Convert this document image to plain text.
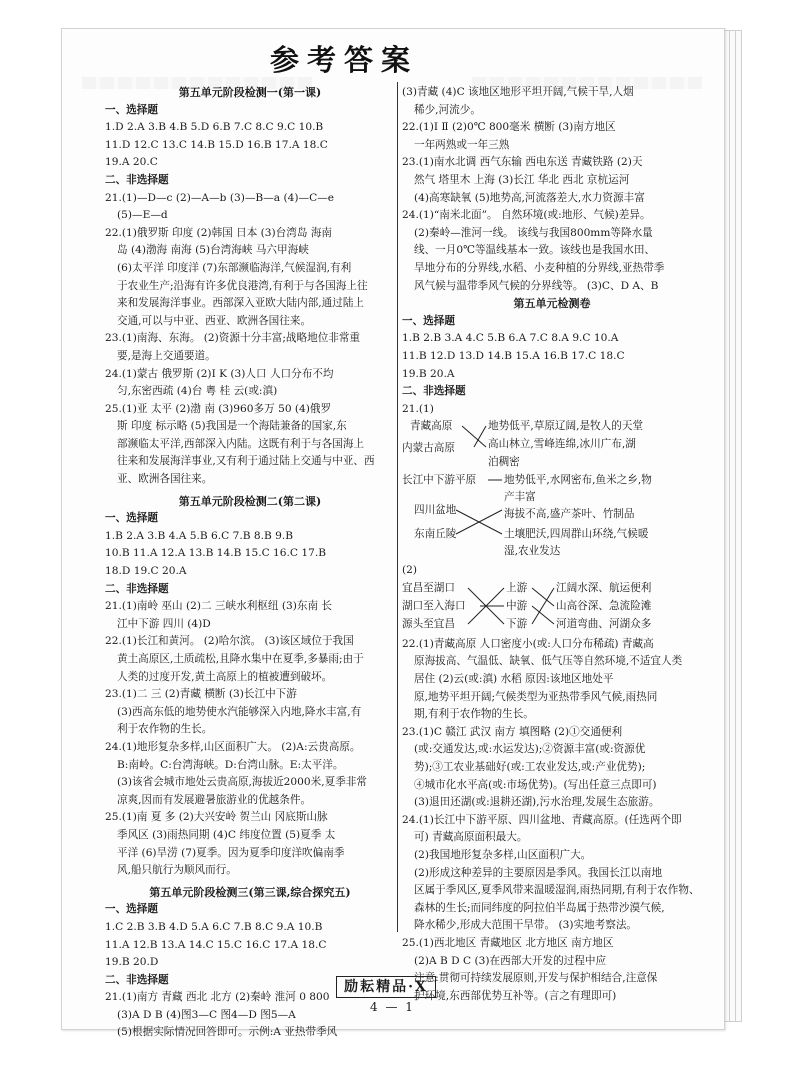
参考答案
第五单元阶段检测一(第一课)
一、选择题
1.D 2.A 3.B 4.B 5.D 6.B 7.C 8.C 9.C 10.B
11.D 12.C 13.C 14.B 15.D 16.B 17.A 18.C
19.A 20.C
二、非选择题
21.(1)—D—c (2)—A—b (3)—B—a (4)—C—e
(5)—E—d
22.(1)俄罗斯 印度 (2)韩国 日本 (3)台湾岛 海南
岛 (4)渤海 南海 (5)台湾海峡 马六甲海峡
(6)太平洋 印度洋 (7)东部濒临海洋,气候湿润,有利
于农业生产;沿海有许多优良港湾,有利于与各国海上往
来和发展海洋事业。西部深入亚欧大陆内部,通过陆上
交通,可以与中亚、西亚、欧洲各国往来。
23.(1)南海、东海。 (2)资源十分丰富;战略地位非常重
要,是海上交通要道。
24.(1)蒙古 俄罗斯 (2)I K (3)人口 人口分布不均
匀,东密西疏 (4)台 粤 桂 云(或:滇)
25.(1)亚 太平 (2)渤 南 (3)960多万 50 (4)俄罗
斯 印度 标示略 (5)我国是一个海陆兼备的国家,东
部濒临太平洋,西部深入内陆。这既有利于与各国海上
往来和发展海洋事业,又有利于通过陆上交通与中亚、西
亚、欧洲各国往来。
第五单元阶段检测二(第二课)
一、选择题
1.B 2.A 3.B 4.A 5.B 6.C 7.B 8.B 9.B
10.B 11.A 12.A 13.B 14.B 15.C 16.C 17.B
18.D 19.C 20.A
二、非选择题
21.(1)南岭 巫山 (2)二 三峡水利枢纽 (3)东南 长
江中下游 四川 (4)D
22.(1)长江和黄河。 (2)哈尔滨。 (3)该区域位于我国
黄土高原区,土质疏松,且降水集中在夏季,多暴雨;由于
人类的过度开发,黄土高原上的植被遭到破坏。
23.(1)二 三 (2)青藏 横断 (3)长江中下游
(3)西高东低的地势使水汽能够深入内地,降水丰富,有
利于农作物的生长。
24.(1)地形复杂多样,山区面积广大。 (2)A:云贵高原。
B:南岭。C:台湾海峡。D:台湾山脉。E:太平洋。
(3)该省会城市地处云贵高原,海拔近2000米,夏季非常
凉爽,因而有发展避暑旅游业的优越条件。
25.(1)南 夏 多 (2)大兴安岭 贺兰山 冈底斯山脉
季风区 (3)雨热同期 (4)C 纬度位置 (5)夏季 太
平洋 (6)旱涝 (7)夏季。因为夏季印度洋吹偏南季
风,船只航行为顺风而行。
第五单元阶段检测三(第三课,综合探究五)
一、选择题
1.C 2.B 3.B 4.D 5.A 6.C 7.B 8.C 9.A 10.B
11.A 12.B 13.A 14.C 15.C 16.C 17.A 18.C
19.B 20.D
二、非选择题
21.(1)南方 青藏 西北 北方 (2)秦岭 淮河 0 800
(3)A D B (4)图3—C 图4—D 图5—A
(5)根据实际情况回答即可。示例:A 亚热带季风
(3)青藏 (4)C 该地区地形平坦开阔,气候干旱,人烟
稀少,河流少。
22.(1)Ⅰ Ⅱ (2)0℃ 800毫米 横断 (3)南方地区
一年两熟或一年三熟
23.(1)南水北调 西气东输 西电东送 青藏铁路 (2)天
然气 塔里木 上海 (3)长江 华北 西北 京杭运河
(4)高寒缺氧 (5)地势高,河流落差大,水力资源丰富
24.(1)“南米北面”。 自然环境(或:地形、气候)差异。
(2)秦岭—淮河一线。 该线与我国800mm等降水量
线、一月0℃等温线基本一致。该线也是我国水田、
旱地分布的分界线,水稻、小麦种植的分界线,亚热带季
风气候与温带季风气候的分界线等。 (3)C、D A、B
第五单元检测卷
一、选择题
1.B 2.B 3.A 4.C 5.B 6.A 7.C 8.A 9.C 10.A
11.B 12.D 13.D 14.B 15.A 16.B 17.C 18.C
19.B 20.A
二、非选择题
21.(1)
青藏高原
内蒙古高原
地势低平,草原辽阔,是牧人的天堂
高山林立,雪峰连绵,冰川广布,湖
泊稠密
长江中下游平原
四川盆地
东南丘陵
地势低平,水网密布,鱼米之乡,物
产丰富
海拔不高,盛产茶叶、竹制品
土壤肥沃,四周群山环绕,气候暖
湿,农业发达
(2)
宜昌至湖口
湖口至入海口
源头至宜昌
上游
中游
下游
江阔水深、航运便利
山高谷深、急流险滩
河道弯曲、河湖众多
22.(1)青藏高原 人口密度小(或:人口分布稀疏) 青藏高
原海拔高、气温低、缺氧、低气压等自然环境,不适宜人类
居住 (2)云(或:滇) 水稻 原因:该地区地处平
原,地势平坦开阔;气候类型为亚热带季风气候,雨热同
期,有利于农作物的生长。
23.(1)C 赣江 武汉 南方 填图略 (2)①交通便利
(或:交通发达,或:水运发达);②资源丰富(或:资源优
势);③工农业基础好(或:工农业发达,或:产业优势);
④城市化水平高(或:市场优势)。(写出任意三点即可)
(3)退田还湖(或:退耕还湖),污水治理,发展生态旅游。
24.(1)长江中下游平原、四川盆地、青藏高原。(任选两个即
可) 青藏高原面积最大。
(2)我国地形复杂多样,山区面积广大。
(2)形成这种差异的主要原因是季风。我国长江以南地
区属于季风区,夏季风带来温暖湿润,雨热同期,有利于农作物、
森林的生长;而同纬度的阿拉伯半岛属于热带沙漠气候,
降水稀少,形成大范围干旱带。 (3)实地考察法。
25.(1)西北地区 青藏地区 北方地区 南方地区
(2)A B D C (3)在西部大开发的过程中应
注意:贯彻可持续发展原则,开发与保护相结合,注意保
护环境,东西部优势互补等。(言之有理即可)
励耘精品·X
4 — 1
